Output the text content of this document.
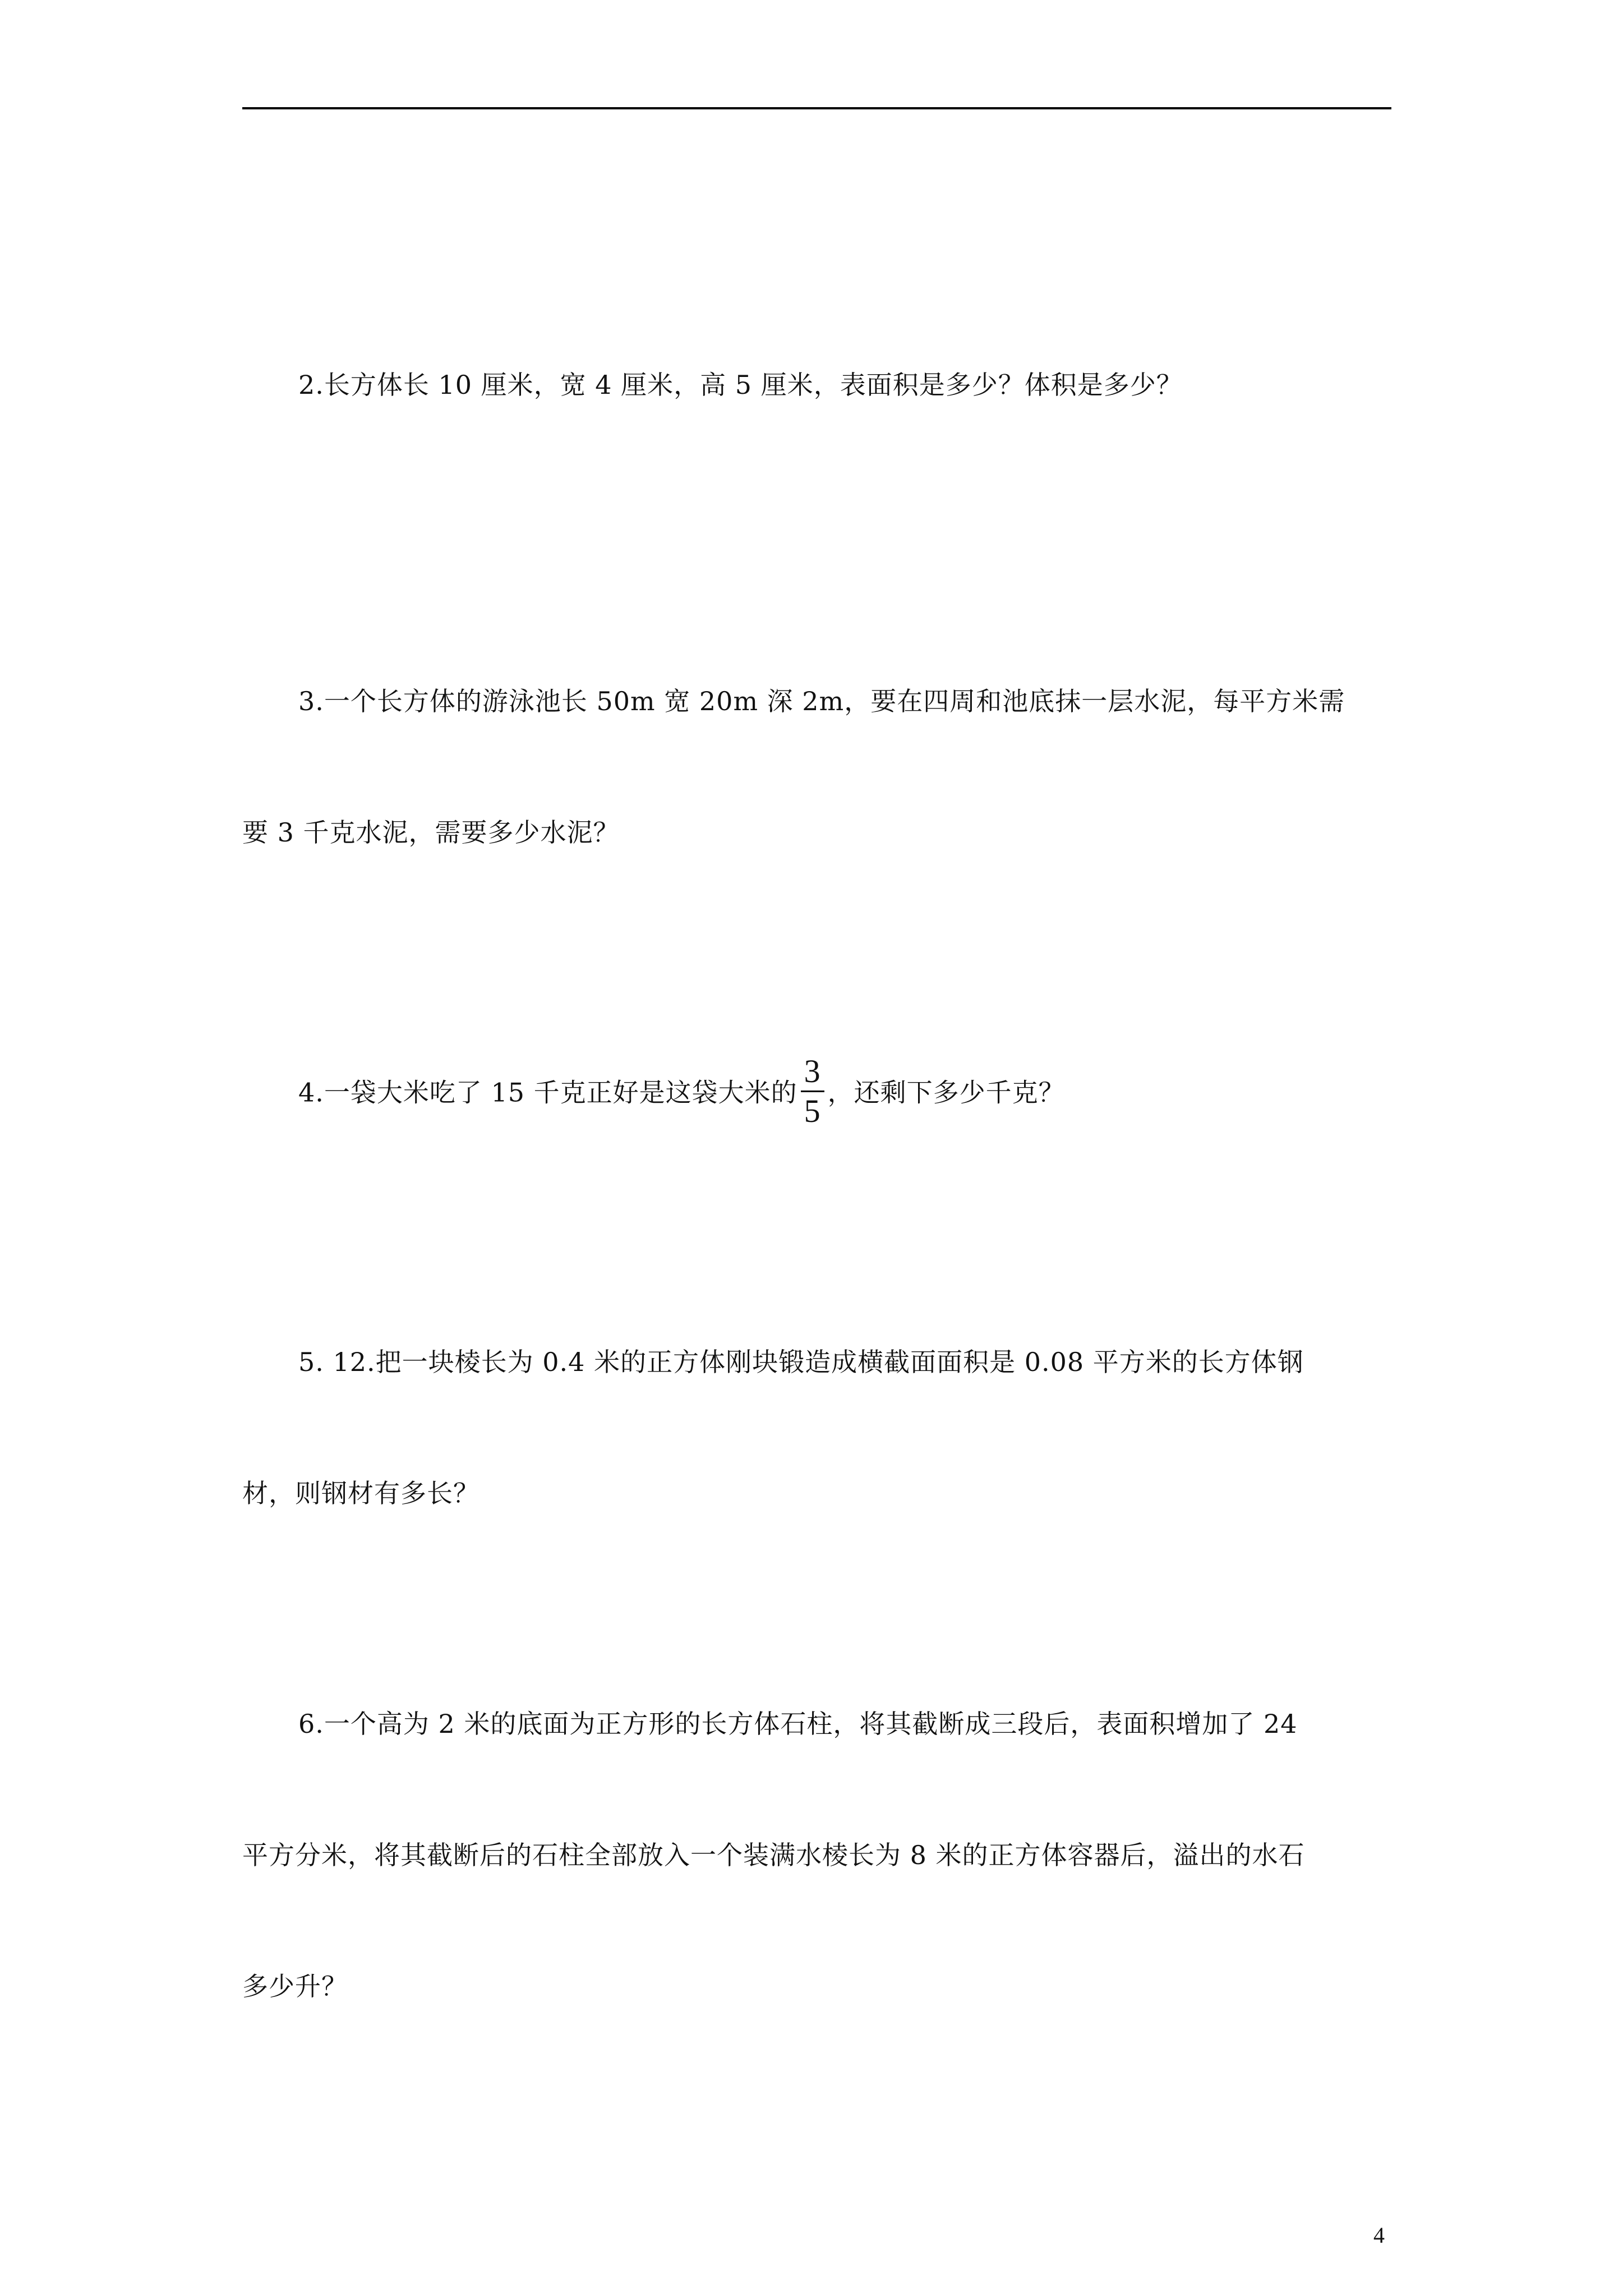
2.长方体长 10 厘米，宽 4 厘米，高 5 厘米，表面积是多少？体积是多少？

3.一个长方体的游泳池长 50m 宽 20m 深 2m，要在四周和池底抹一层水泥，每平方米需

要 3 千克水泥，需要多少水泥？

4.一袋大米吃了 15 千克正好是这袋大米的 $\frac{3}{5}$ ，还剩下多少千克？

5. 12.把一块棱长为 0.4 米的正方体刚块锻造成横截面面积是 0.08 平方米的长方体钢

材，则钢材有多长？

6.一个高为 2 米的底面为正方形的长方体石柱，将其截断成三段后，表面积增加了 24

平方分米，将其截断后的石柱全部放入一个装满水棱长为 8 米的正方体容器后，溢出的水石

多少升？

4
